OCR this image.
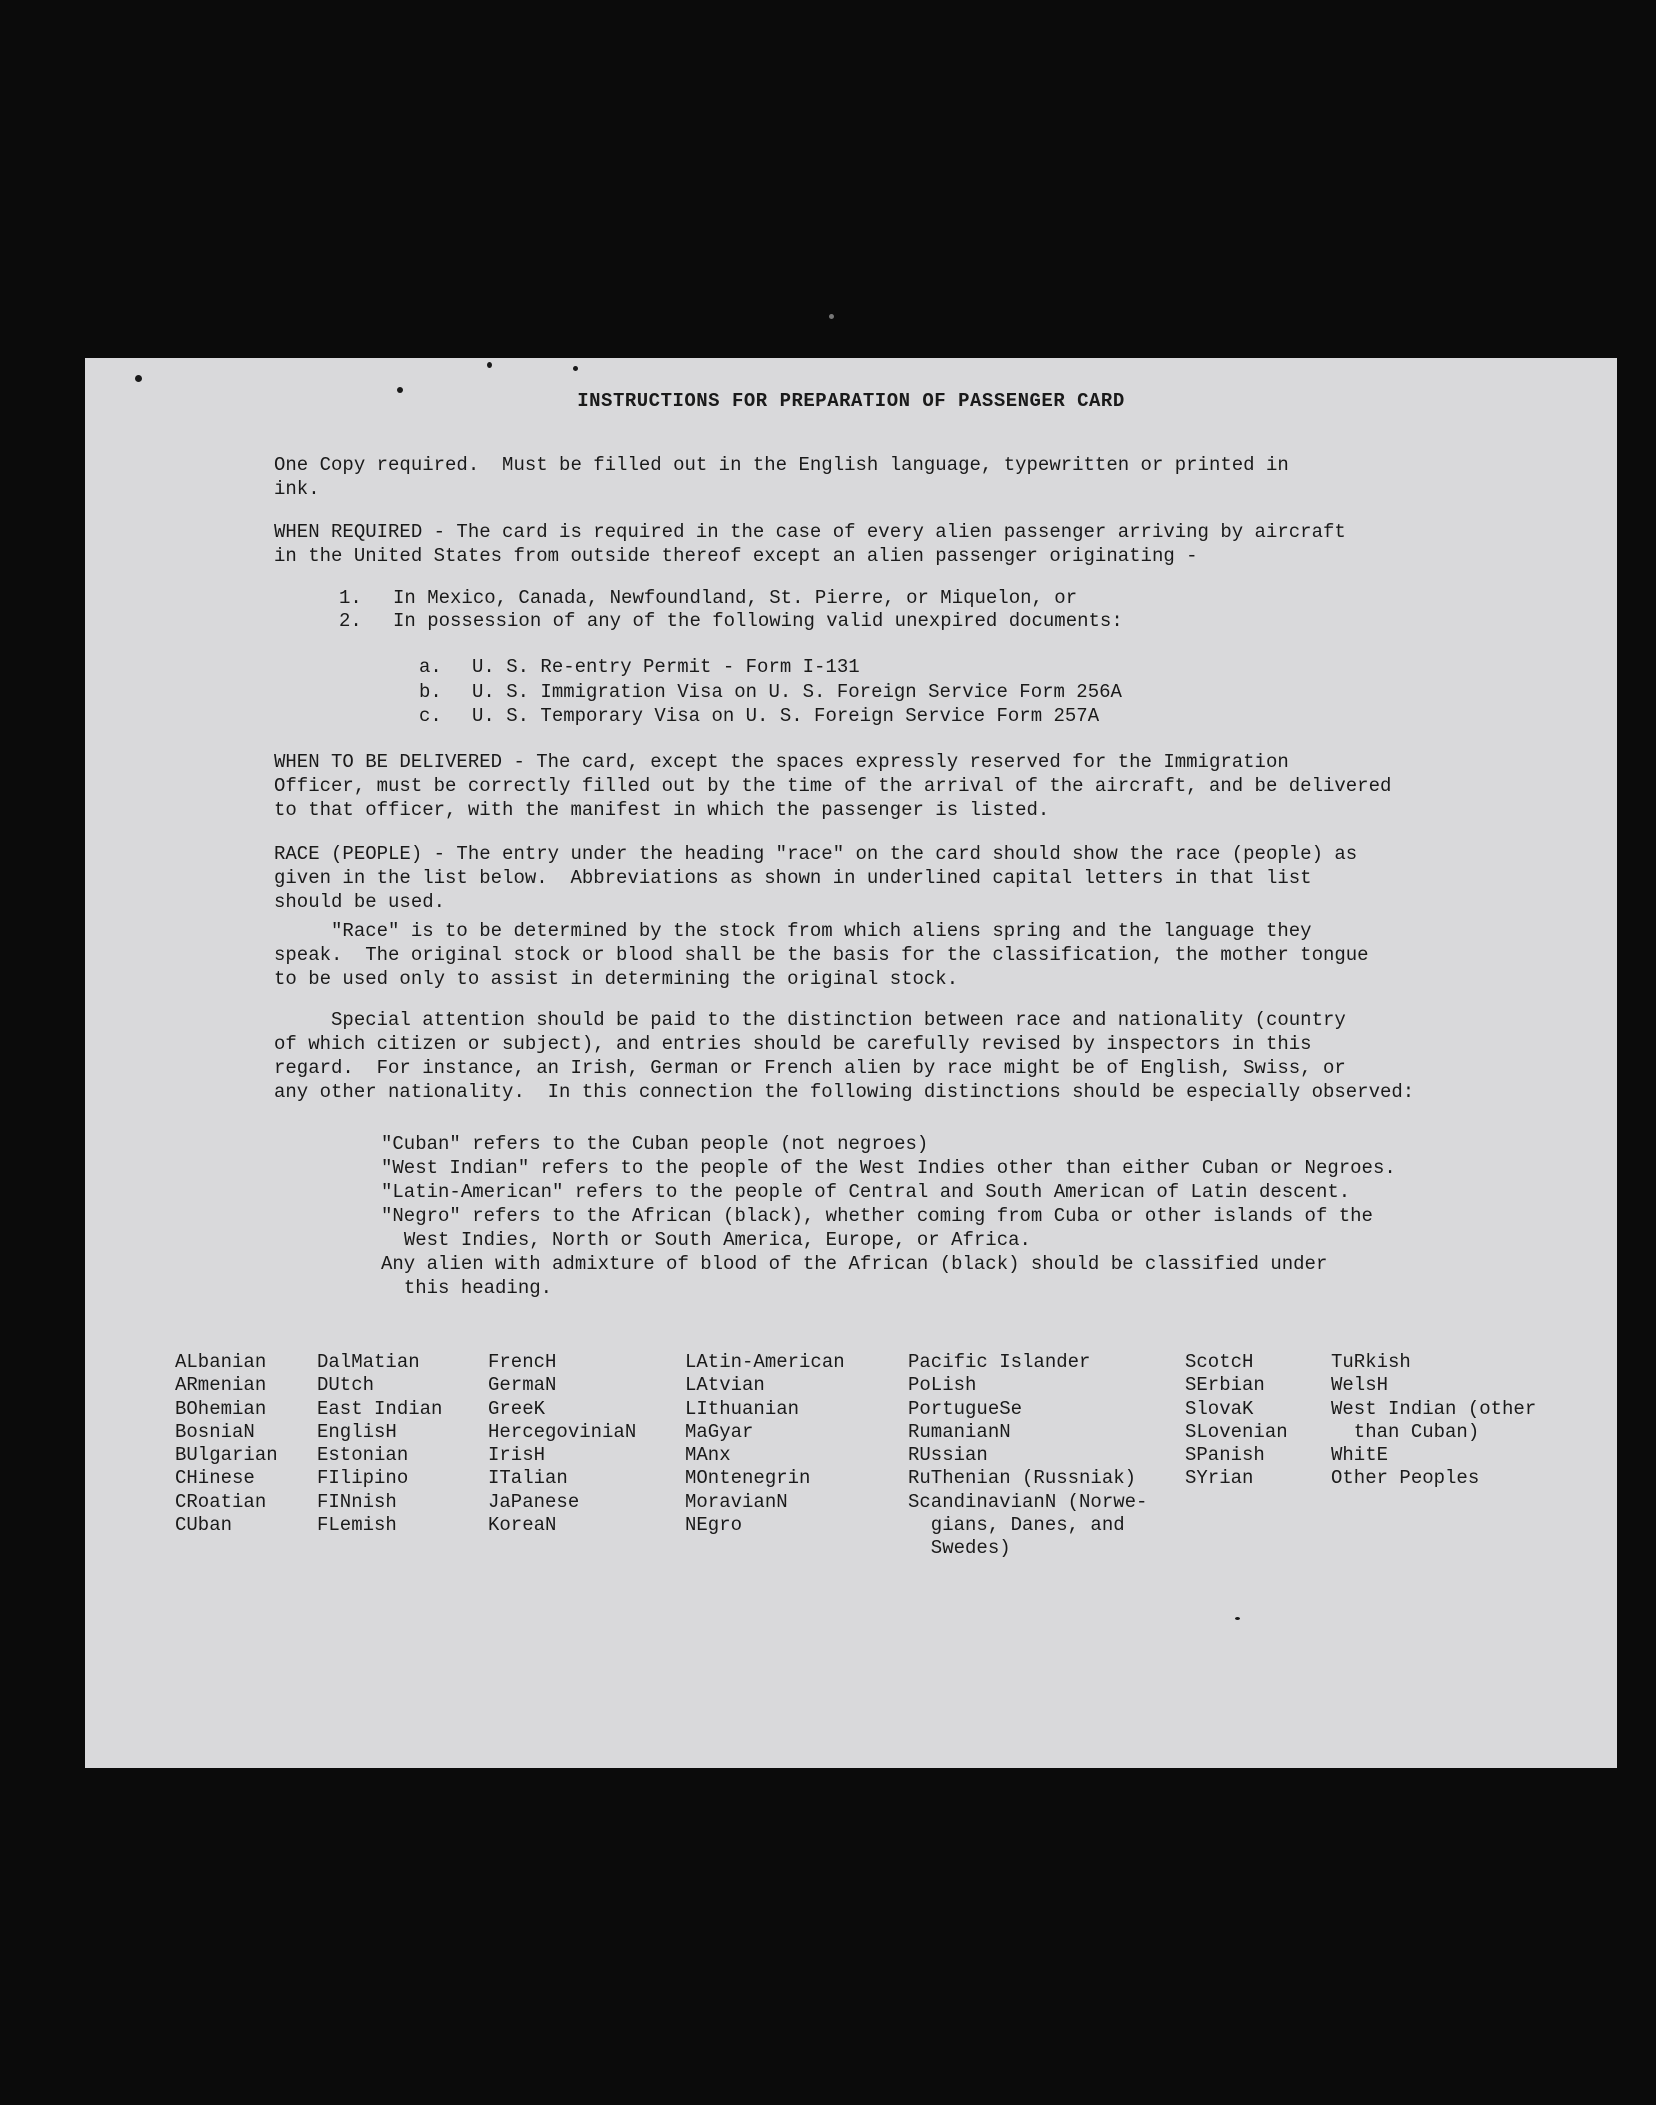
INSTRUCTIONS FOR PREPARATION OF PASSENGER CARD

One Copy required.  Must be filled out in the English language, typewritten or printed in
ink.

WHEN REQUIRED - The card is required in the case of every alien passenger arriving by aircraft
in the United States from outside thereof except an alien passenger originating -

1. In Mexico, Canada, Newfoundland, St. Pierre, or Miquelon, or
2. In possession of any of the following valid unexpired documents:
a. U. S. Re-entry Permit - Form I-131
b. U. S. Immigration Visa on U. S. Foreign Service Form 256A
c. U. S. Temporary Visa on U. S. Foreign Service Form 257A

WHEN TO BE DELIVERED - The card, except the spaces expressly reserved for the Immigration
Officer, must be correctly filled out by the time of the arrival of the aircraft, and be delivered
to that officer, with the manifest in which the passenger is listed.

RACE (PEOPLE) - The entry under the heading "race" on the card should show the race (people) as
given in the list below.  Abbreviations as shown in underlined capital letters in that list
should be used.

"Race" is to be determined by the stock from which aliens spring and the language they
speak.  The original stock or blood shall be the basis for the classification, the mother tongue
to be used only to assist in determining the original stock.

Special attention should be paid to the distinction between race and nationality (country
of which citizen or subject), and entries should be carefully revised by inspectors in this
regard.  For instance, an Irish, German or French alien by race might be of English, Swiss, or
any other nationality.  In this connection the following distinctions should be especially observed:

"Cuban" refers to the Cuban people (not negroes)
"West Indian" refers to the people of the West Indies other than either Cuban or Negroes.
"Latin-American" refers to the people of Central and South American of Latin descent.
"Negro" refers to the African (black), whether coming from Cuba or other islands of the
West Indies, North or South America, Europe, or Africa.
Any alien with admixture of blood of the African (black) should be classified under
this heading.

ALbanian
ARmenian
BOhemian
BosniaN
BUlgarian
CHinese
CRoatian
CUban
DalMatian
DUtch
East Indian
EnglisH
Estonian
FIlipino
FINnish
FLemish
FrencH
GermaN
GreeK
HercegoviniaN
IrisH
ITalian
JaPanese
KoreaN
LAtin-American
LAtvian
LIthuanian
MaGyar
MAnx
MOntenegrin
MoravianN
NEgro
Pacific Islander
PoLish
PortugueSe
RumanianN
RUssian
RuThenian (Russniak)
ScandinavianN (Norwe-
gians, Danes, and
Swedes)
ScotcH
SErbian
SlovaK
SLovenian
SPanish
SYrian
TuRkish
WelsH
West Indian (other
than Cuban)
WhitE
Other Peoples
